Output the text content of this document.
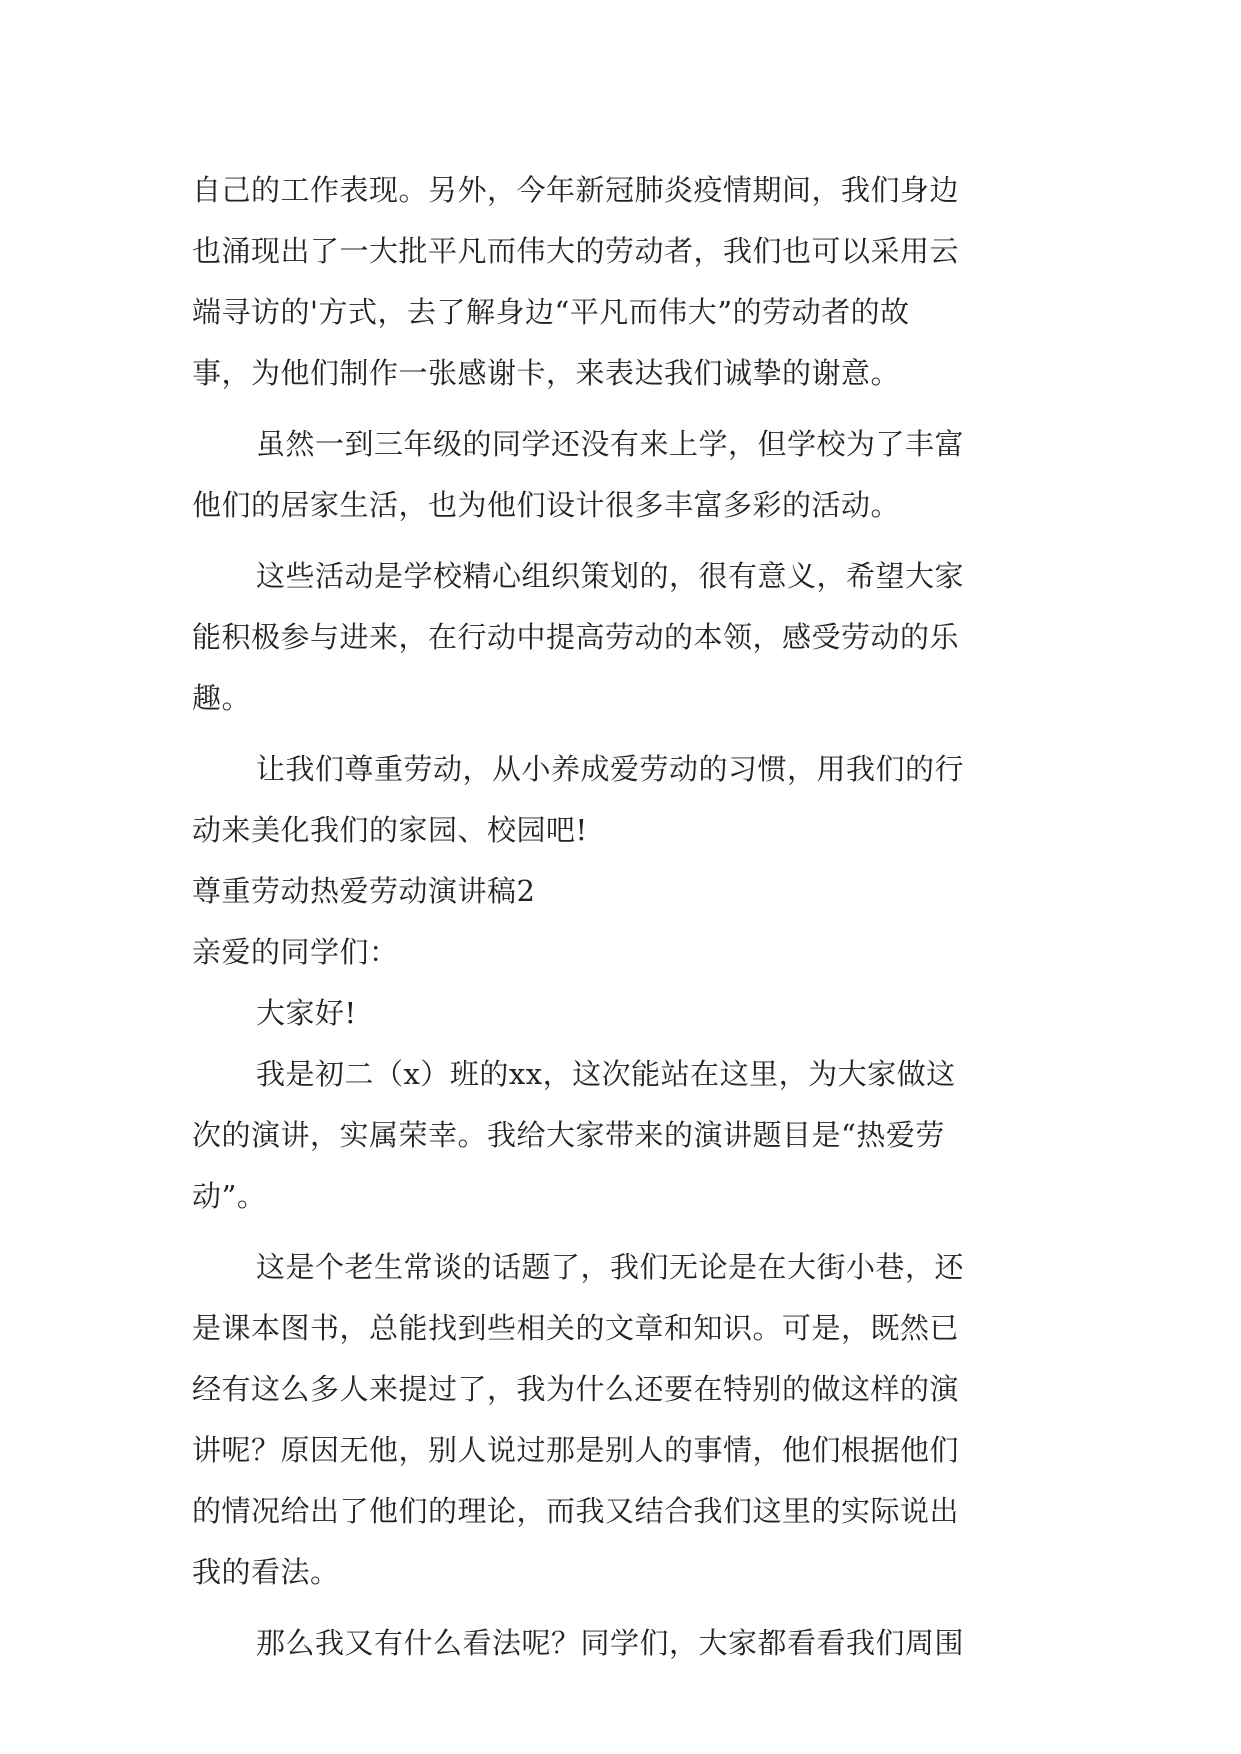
自己的工作表现。另外，今年新冠肺炎疫情期间，我们身边
也涌现出了一大批平凡而伟大的劳动者，我们也可以采用云
端寻访的'方式，去了解身边“平凡而伟大”的劳动者的故
事，为他们制作一张感谢卡，来表达我们诚挚的谢意。
虽然一到三年级的同学还没有来上学，但学校为了丰富
他们的居家生活，也为他们设计很多丰富多彩的活动。
这些活动是学校精心组织策划的，很有意义，希望大家
能积极参与进来，在行动中提高劳动的本领，感受劳动的乐
趣。
让我们尊重劳动，从小养成爱劳动的习惯，用我们的行
动来美化我们的家园、校园吧!
尊重劳动热爱劳动演讲稿2
亲爱的同学们：
大家好!
我是初二（x）班的xx，这次能站在这里，为大家做这
次的演讲，实属荣幸。我给大家带来的演讲题目是“热爱劳
动”。
这是个老生常谈的话题了，我们无论是在大街小巷，还
是课本图书，总能找到些相关的文章和知识。可是，既然已
经有这么多人来提过了，我为什么还要在特别的做这样的演
讲呢？原因无他，别人说过那是别人的事情，他们根据他们
的情况给出了他们的理论，而我又结合我们这里的实际说出
我的看法。
那么我又有什么看法呢？同学们，大家都看看我们周围
